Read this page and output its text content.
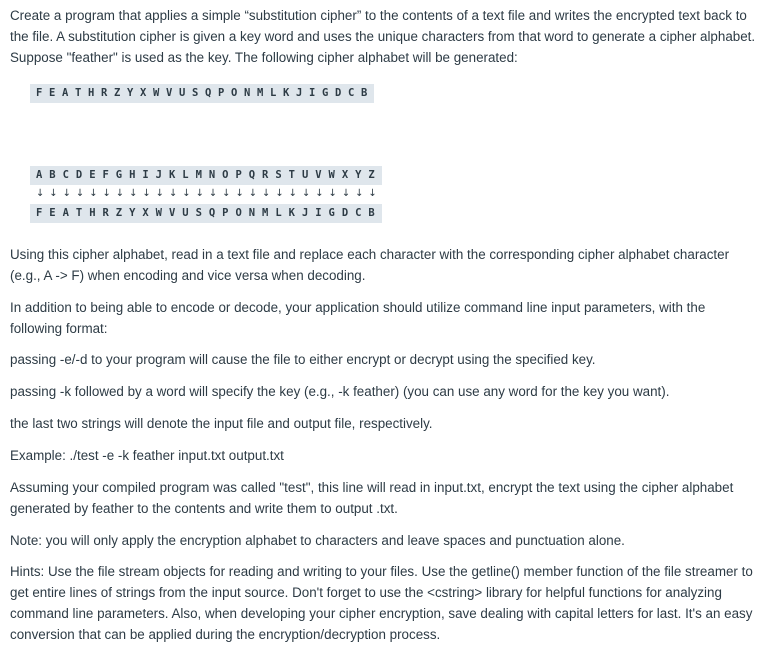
Create a program that applies a simple “substitution cipher” to the contents of a text file and writes the encrypted text back to the file. A substitution cipher is given a key word and uses the unique characters from that word to generate a cipher alphabet. Suppose "feather" is used as the key. The following cipher alphabet will be generated:

F E A T H R Z Y X W V U S Q P O N M L K J I G D C B
A B C D E F G H I J K L M N O P Q R S T U V W X Y Z
↓ ↓ ↓ ↓ ↓ ↓ ↓ ↓ ↓ ↓ ↓ ↓ ↓ ↓ ↓ ↓ ↓ ↓ ↓ ↓ ↓ ↓ ↓ ↓ ↓ ↓
F E A T H R Z Y X W V U S Q P O N M L K J I G D C B

Using this cipher alphabet, read in a text file and replace each character with the corresponding cipher alphabet character (e.g., A -> F) when encoding and vice versa when decoding.

In addition to being able to encode or decode, your application should utilize command line input parameters, with the following format:

passing -e/-d to your program will cause the file to either encrypt or decrypt using the specified key.

passing -k followed by a word will specify the key (e.g., -k feather) (you can use any word for the key you want).

the last two strings will denote the input file and output file, respectively.

Example: ./test -e -k feather input.txt output.txt

Assuming your compiled program was called "test", this line will read in input.txt, encrypt the text using the cipher alphabet generated by feather to the contents and write them to output .txt.

Note: you will only apply the encryption alphabet to characters and leave spaces and punctuation alone.

Hints: Use the file stream objects for reading and writing to your files. Use the getline() member function of the file streamer to get entire lines of strings from the input source. Don't forget to use the <cstring> library for helpful functions for analyzing command line parameters. Also, when developing your cipher encryption, save dealing with capital letters for last. It's an easy conversion that can be applied during the encryption/decryption process.
